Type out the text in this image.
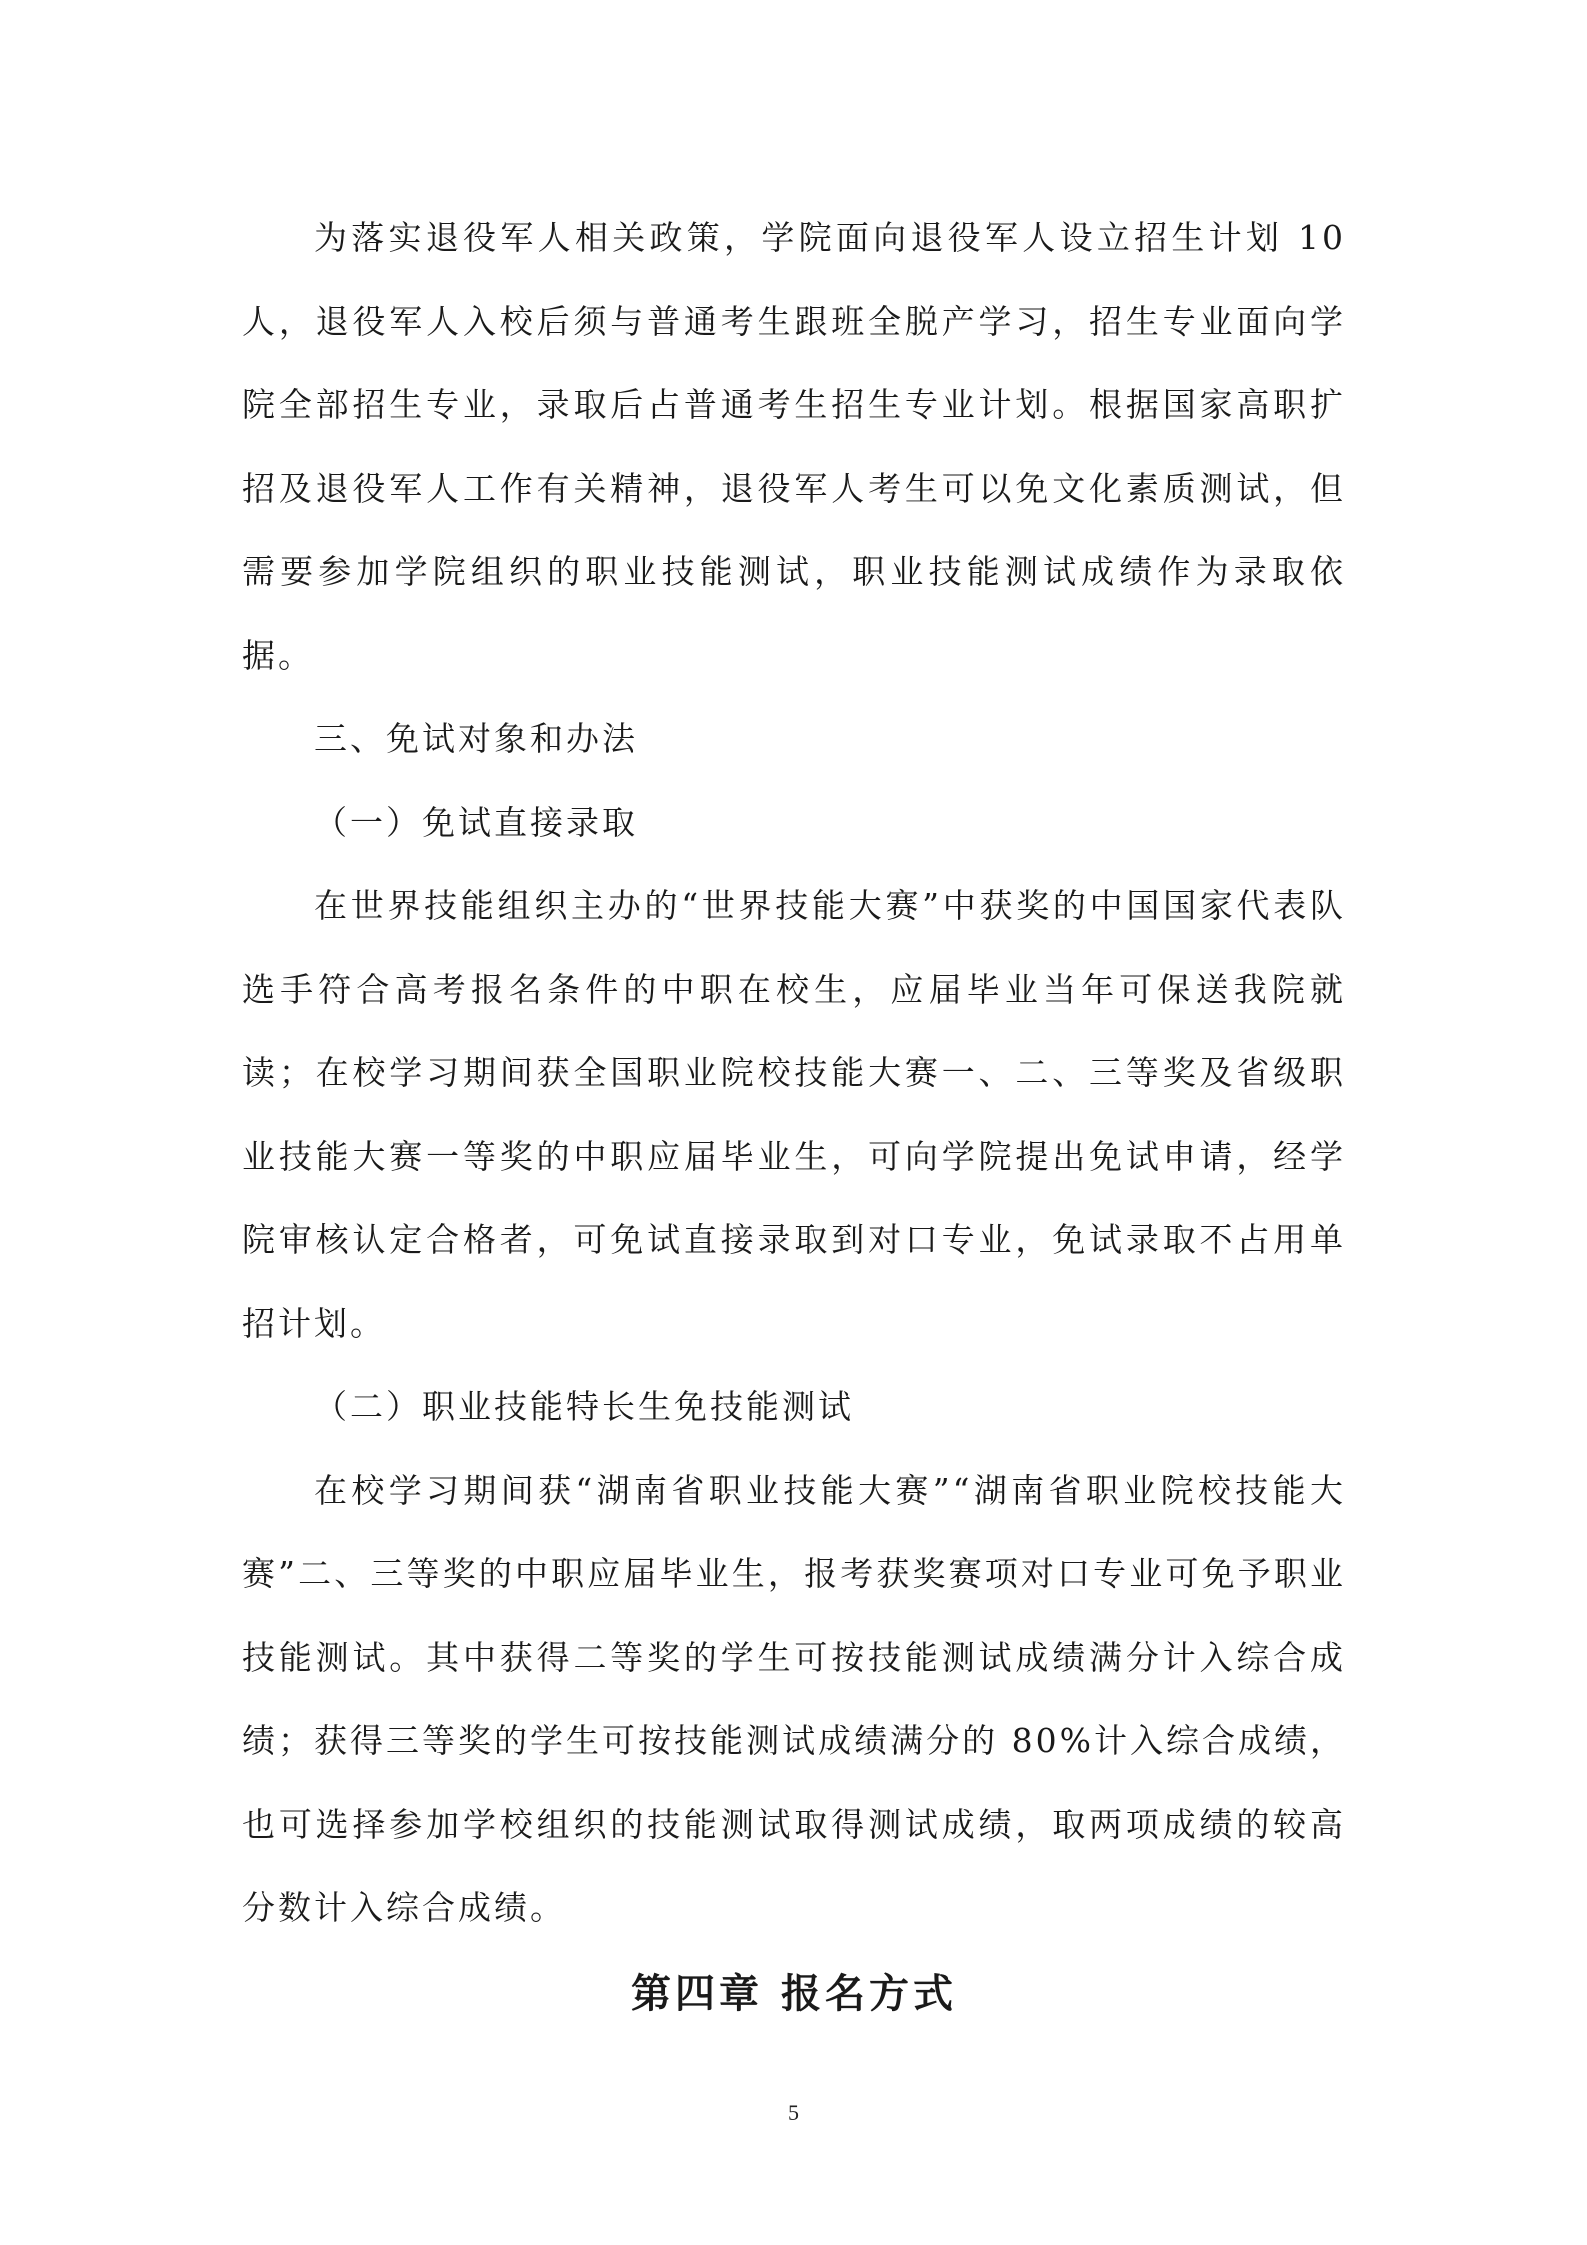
为落实退役军人相关政策，学院面向退役军人设立招生计划 10 人，退役军人入校后须与普通考生跟班全脱产学习，招生专业面向学院全部招生专业，录取后占普通考生招生专业计划。根据国家高职扩招及退役军人工作有关精神，退役军人考生可以免文化素质测试，但需要参加学院组织的职业技能测试，职业技能测试成绩作为录取依据。

三、免试对象和办法

（一）免试直接录取

在世界技能组织主办的“世界技能大赛”中获奖的中国国家代表队选手符合高考报名条件的中职在校生，应届毕业当年可保送我院就读；在校学习期间获全国职业院校技能大赛一、二、三等奖及省级职业技能大赛一等奖的中职应届毕业生，可向学院提出免试申请，经学院审核认定合格者，可免试直接录取到对口专业，免试录取不占用单招计划。

（二）职业技能特长生免技能测试

在校学习期间获“湖南省职业技能大赛”“湖南省职业院校技能大赛”二、三等奖的中职应届毕业生，报考获奖赛项对口专业可免予职业技能测试。其中获得二等奖的学生可按技能测试成绩满分计入综合成绩；获得三等奖的学生可按技能测试成绩满分的 80%计入综合成绩，也可选择参加学校组织的技能测试取得测试成绩，取两项成绩的较高分数计入综合成绩。

第四章 报名方式

5
